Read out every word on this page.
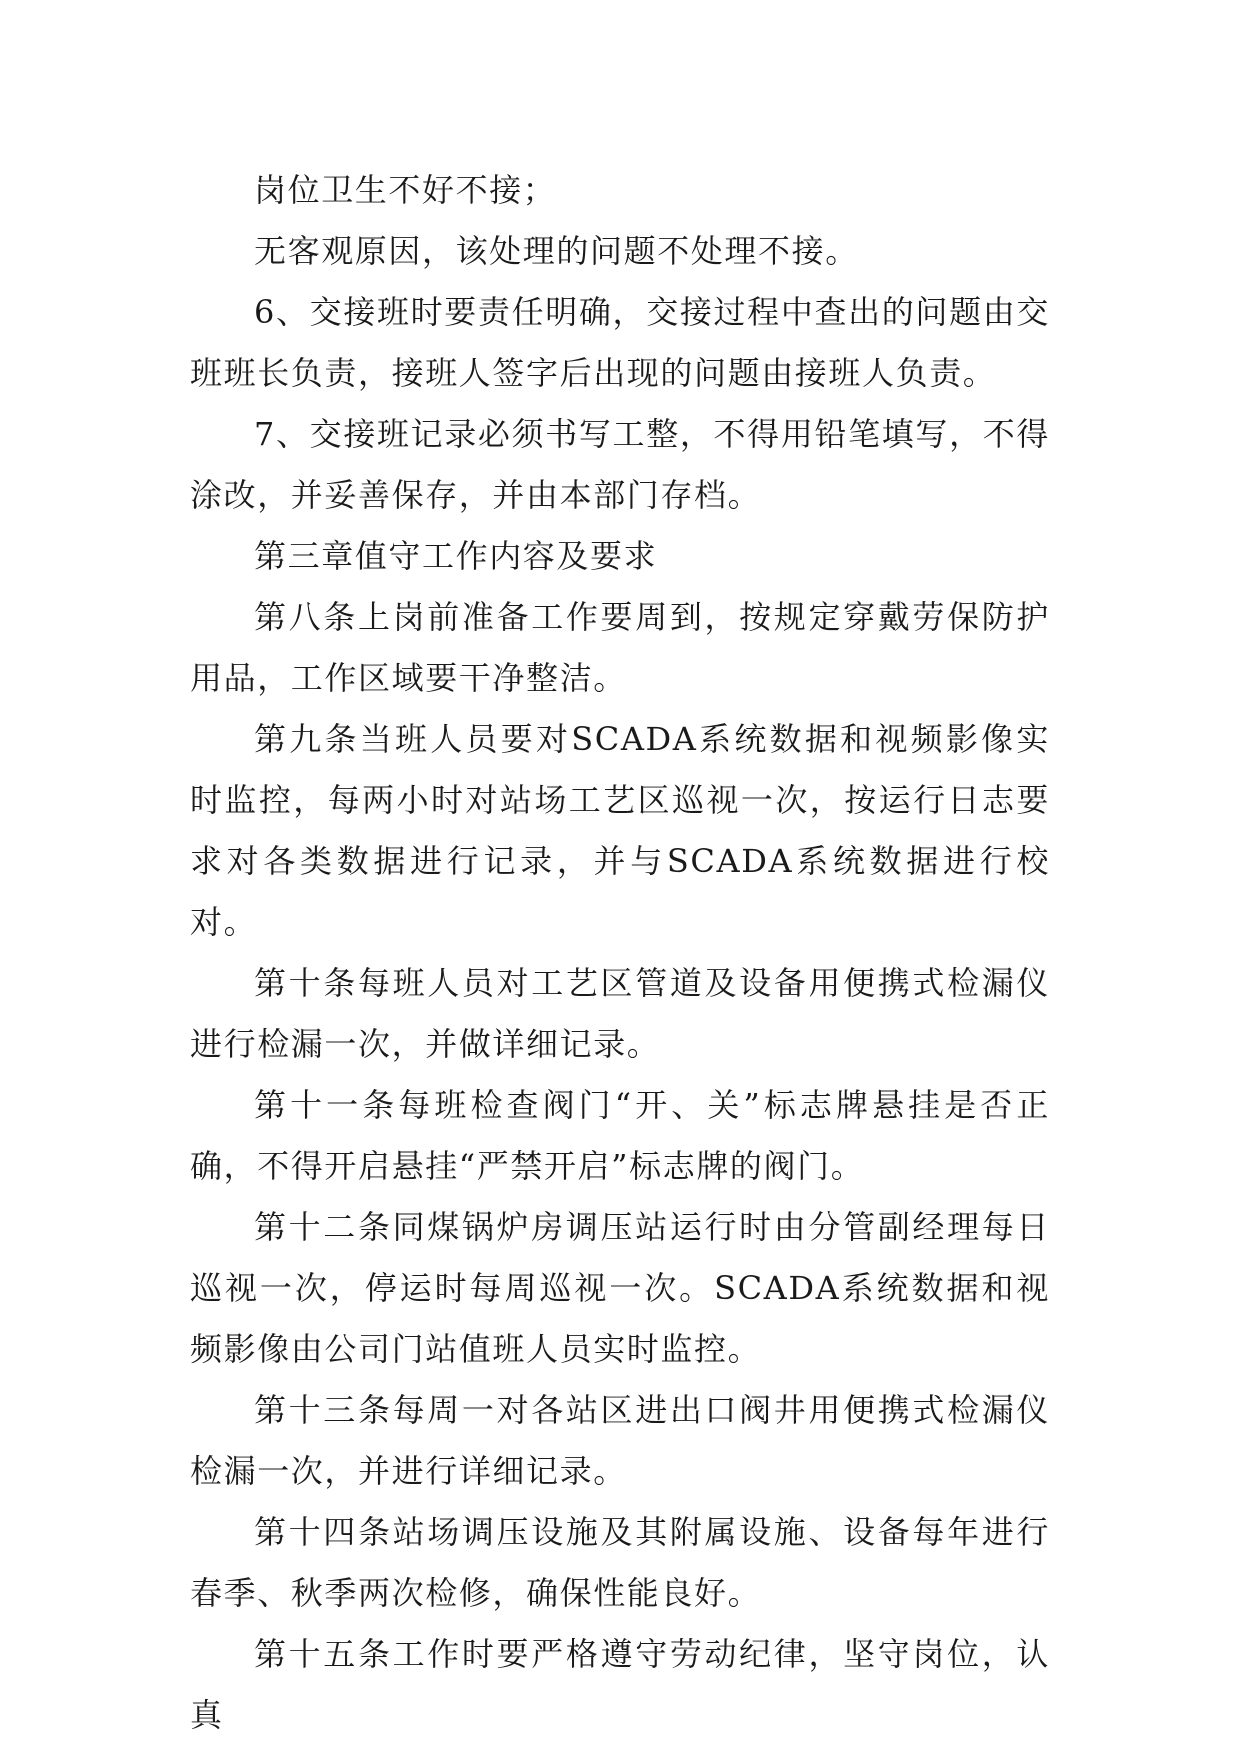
岗位卫生不好不接；

无客观原因，该处理的问题不处理不接。

6、交接班时要责任明确，交接过程中查出的问题由交班班长负责，接班人签字后出现的问题由接班人负责。

7、交接班记录必须书写工整，不得用铅笔填写，不得涂改，并妥善保存，并由本部门存档。

第三章值守工作内容及要求

第八条上岗前准备工作要周到，按规定穿戴劳保防护用品，工作区域要干净整洁。

第九条当班人员要对SCADA系统数据和视频影像实时监控，每两小时对站场工艺区巡视一次，按运行日志要求对各类数据进行记录，并与SCADA系统数据进行校对。

第十条每班人员对工艺区管道及设备用便携式检漏仪进行检漏一次，并做详细记录。

第十一条每班检查阀门“开、关”标志牌悬挂是否正确，不得开启悬挂“严禁开启”标志牌的阀门。

第十二条同煤锅炉房调压站运行时由分管副经理每日巡视一次，停运时每周巡视一次。SCADA系统数据和视频影像由公司门站值班人员实时监控。

第十三条每周一对各站区进出口阀井用便携式检漏仪检漏一次，并进行详细记录。

第十四条站场调压设施及其附属设施、设备每年进行春季、秋季两次检修，确保性能良好。

第十五条工作时要严格遵守劳动纪律，坚守岗位，认真
